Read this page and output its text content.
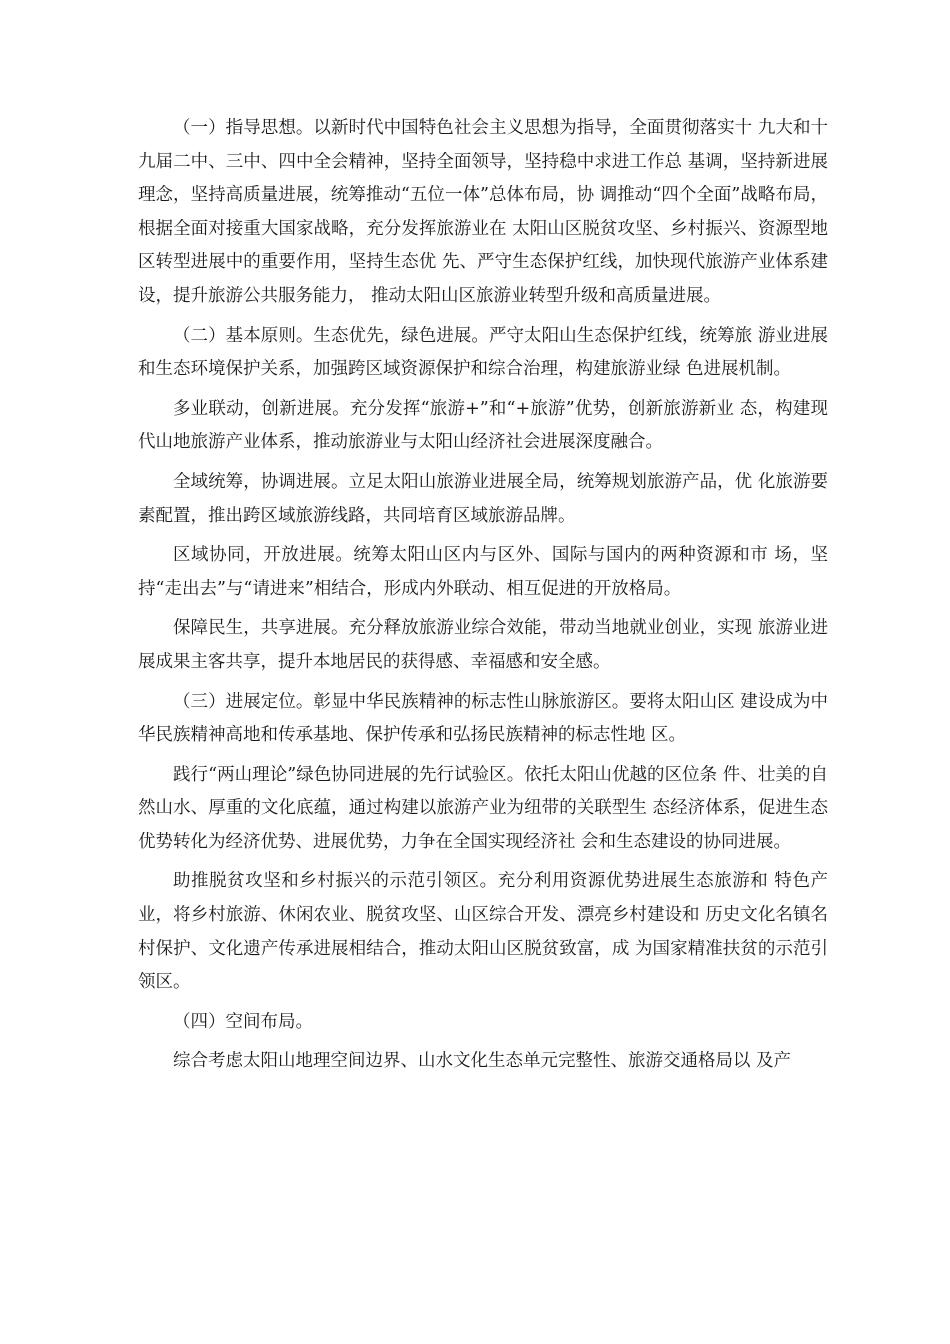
（一）指导思想。以新时代中国特色社会主义思想为指导，全面贯彻落实十 九大和十九届二中、三中、四中全会精神，坚持全面领导，坚持稳中求进工作总 基调，坚持新进展理念，坚持高质量进展，统筹推动“五位一体”总体布局，协 调推动“四个全面”战略布局，根据全面对接重大国家战略，充分发挥旅游业在 太阳山区脱贫攻坚、乡村振兴、资源型地区转型进展中的重要作用，坚持生态优 先、严守生态保护红线，加快现代旅游产业体系建设，提升旅游公共服务能力， 推动太阳山区旅游业转型升级和高质量进展。

（二）基本原则。生态优先，绿色进展。严守太阳山生态保护红线，统筹旅 游业进展和生态环境保护关系，加强跨区域资源保护和综合治理，构建旅游业绿 色进展机制。

多业联动，创新进展。充分发挥“旅游+”和“+旅游”优势，创新旅游新业 态，构建现代山地旅游产业体系，推动旅游业与太阳山经济社会进展深度融合。

全域统筹，协调进展。立足太阳山旅游业进展全局，统筹规划旅游产品，优 化旅游要素配置，推出跨区域旅游线路，共同培育区域旅游品牌。

区域协同，开放进展。统筹太阳山区内与区外、国际与国内的两种资源和市 场，坚持“走出去”与“请进来”相结合，形成内外联动、相互促进的开放格局。

保障民生，共享进展。充分释放旅游业综合效能，带动当地就业创业，实现 旅游业进展成果主客共享，提升本地居民的获得感、幸福感和安全感。

（三）进展定位。彰显中华民族精神的标志性山脉旅游区。要将太阳山区 建设成为中华民族精神高地和传承基地、保护传承和弘扬民族精神的标志性地 区。

践行“两山理论”绿色协同进展的先行试验区。依托太阳山优越的区位条 件、壮美的自然山水、厚重的文化底蕴，通过构建以旅游产业为纽带的关联型生 态经济体系，促进生态优势转化为经济优势、进展优势，力争在全国实现经济社 会和生态建设的协同进展。

助推脱贫攻坚和乡村振兴的示范引领区。充分利用资源优势进展生态旅游和 特色产业，将乡村旅游、休闲农业、脱贫攻坚、山区综合开发、漂亮乡村建设和 历史文化名镇名村保护、文化遗产传承进展相结合，推动太阳山区脱贫致富，成 为国家精准扶贫的示范引领区。

（四）空间布局。

综合考虑太阳山地理空间边界、山水文化生态单元完整性、旅游交通格局以 及产
